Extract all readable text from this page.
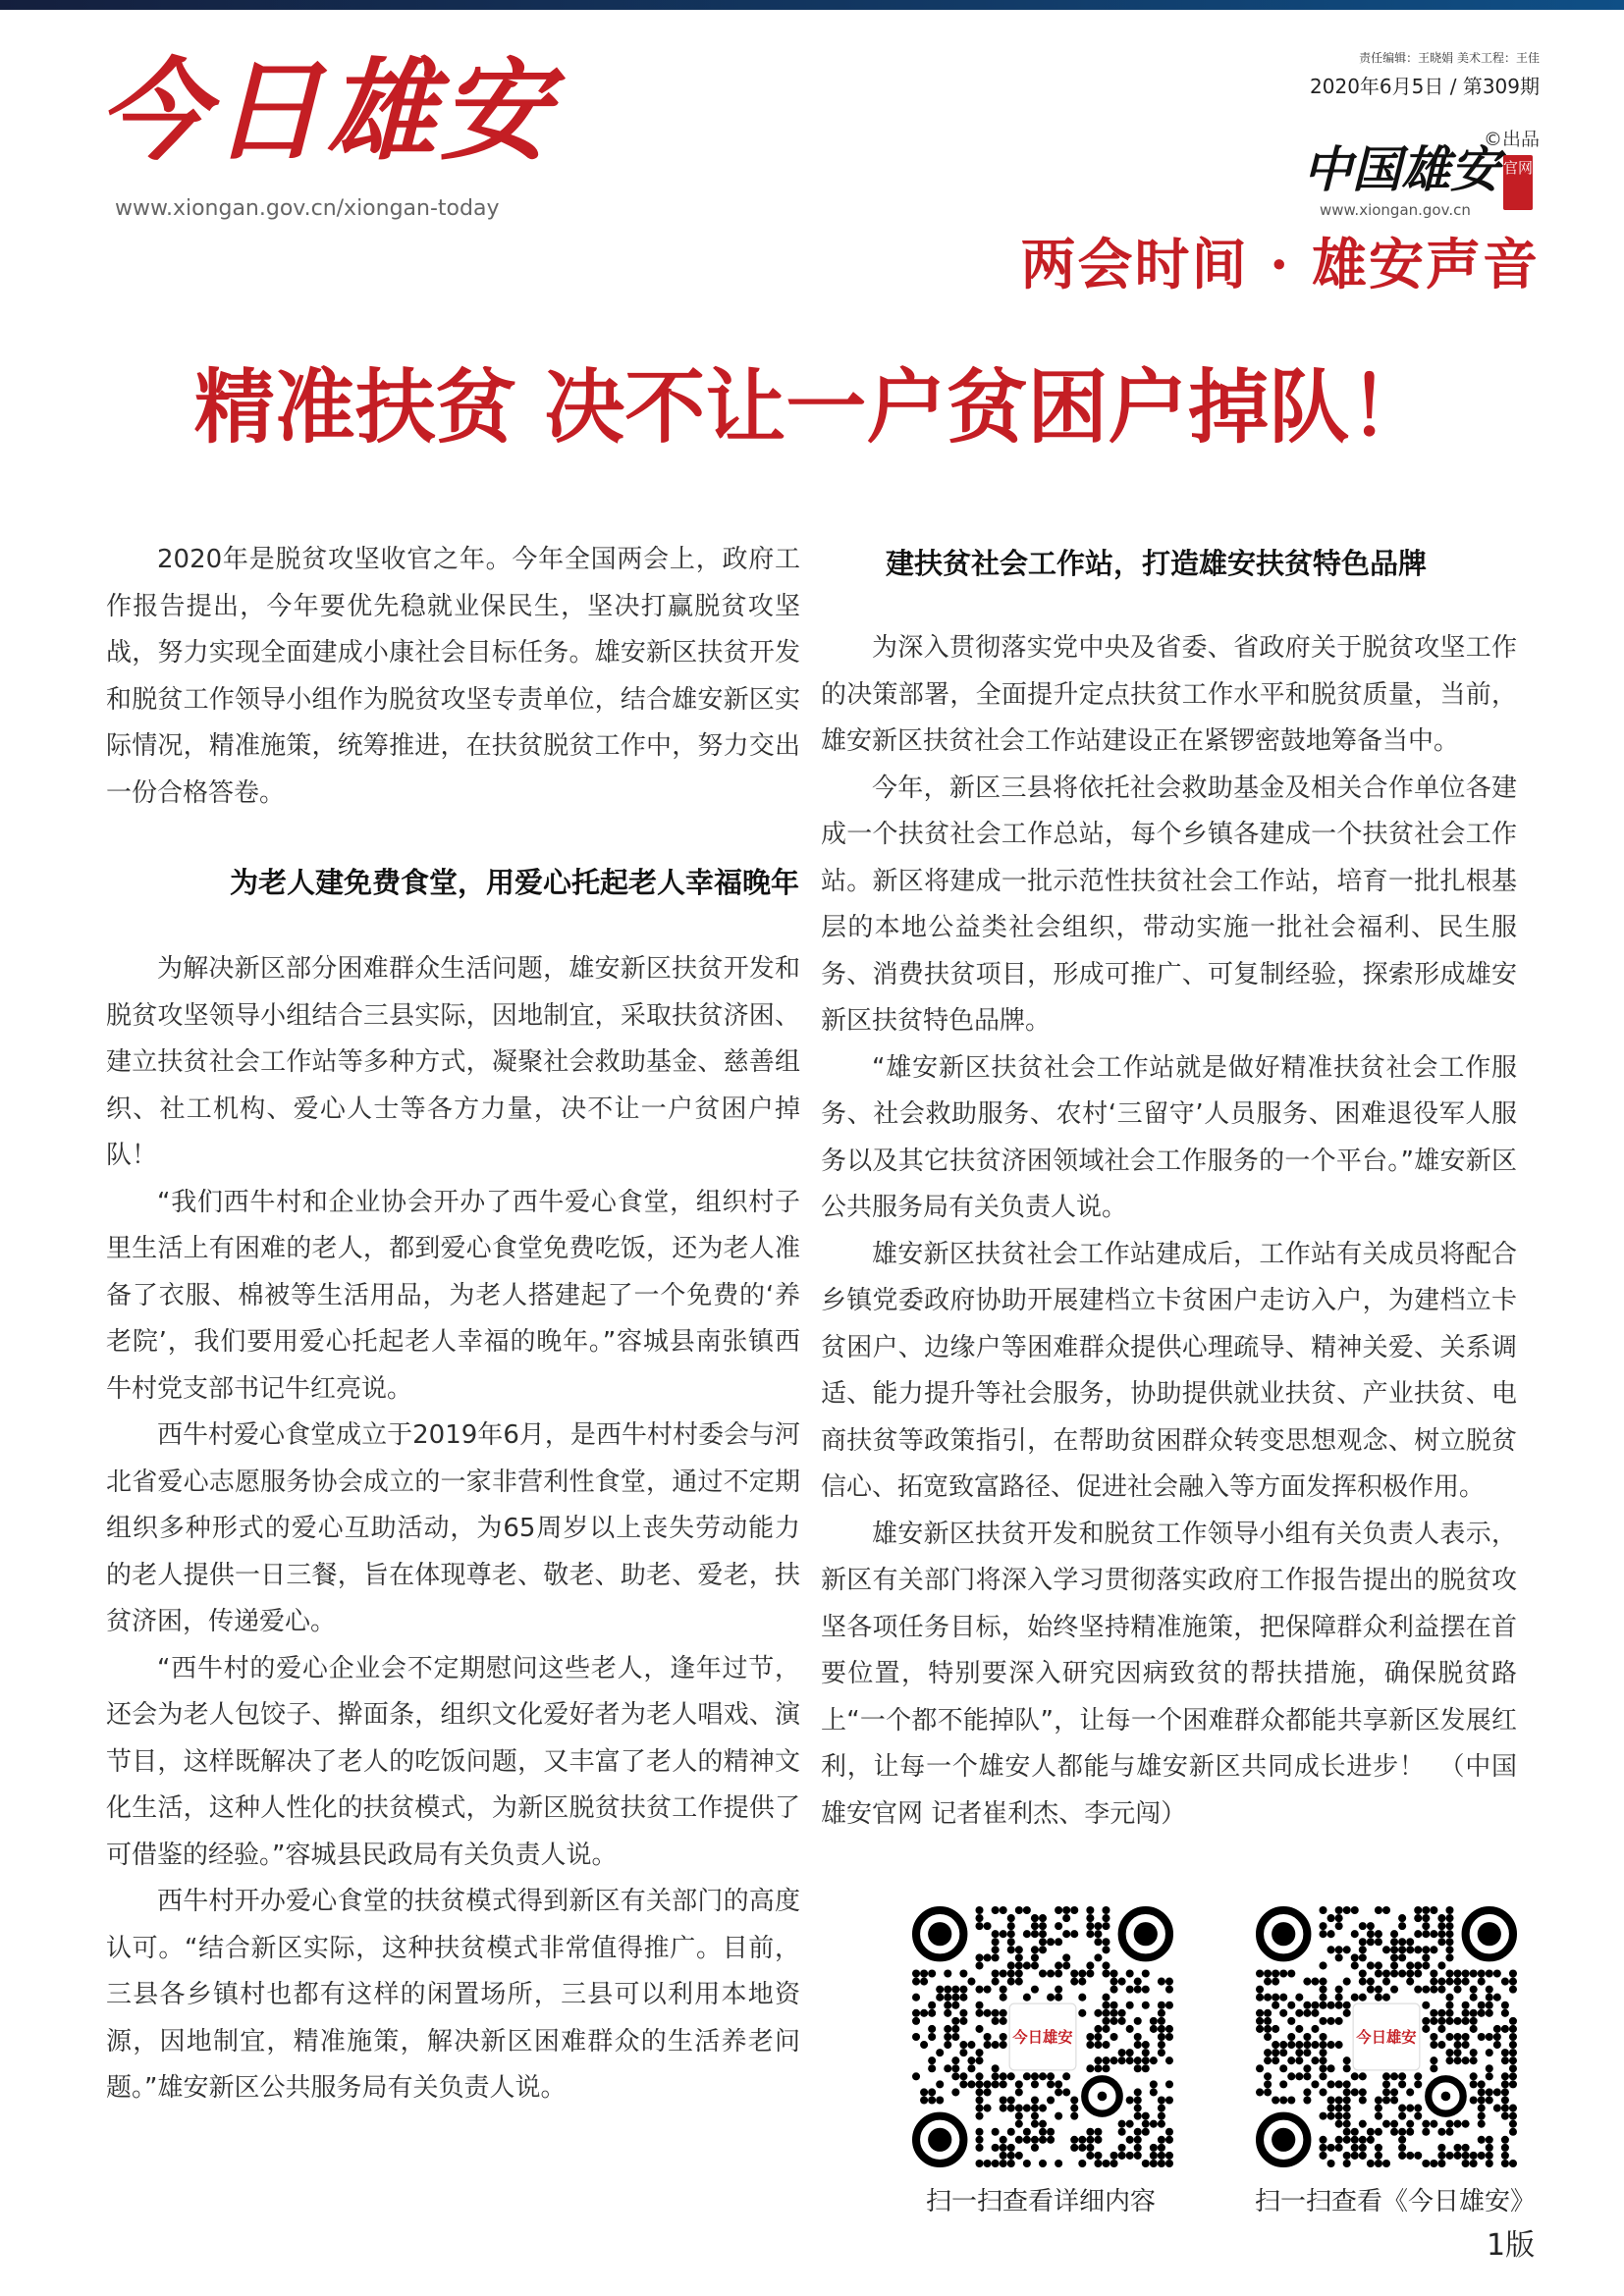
今日雄安
www.xiongan.gov.cn/xiongan-today
责任编辑：王晓娟 美术工程：王佳
2020年6月5日 / 第309期
©出品
中国雄安
www.xiongan.gov.cn
官网
两会时间 · 雄安声音
精准扶贫 决不让一户贫困户掉队！

2020年是脱贫攻坚收官之年。今年全国两会上，政府工作报告提出，今年要优先稳就业保民生，坚决打赢脱贫攻坚战，努力实现全面建成小康社会目标任务。雄安新区扶贫开发和脱贫工作领导小组作为脱贫攻坚专责单位，结合雄安新区实际情况，精准施策，统筹推进，在扶贫脱贫工作中，努力交出一份合格答卷。

为老人建免费食堂，用爱心托起老人幸福晚年

为解决新区部分困难群众生活问题，雄安新区扶贫开发和脱贫攻坚领导小组结合三县实际，因地制宜，采取扶贫济困、建立扶贫社会工作站等多种方式，凝聚社会救助基金、慈善组织、社工机构、爱心人士等各方力量，决不让一户贫困户掉队！

“我们西牛村和企业协会开办了西牛爱心食堂，组织村子里生活上有困难的老人，都到爱心食堂免费吃饭，还为老人准备了衣服、棉被等生活用品，为老人搭建起了一个免费的‘养老院’，我们要用爱心托起老人幸福的晚年。”容城县南张镇西牛村党支部书记牛红亮说。

西牛村爱心食堂成立于2019年6月，是西牛村村委会与河北省爱心志愿服务协会成立的一家非营利性食堂，通过不定期组织多种形式的爱心互助活动，为65周岁以上丧失劳动能力的老人提供一日三餐，旨在体现尊老、敬老、助老、爱老，扶贫济困，传递爱心。

“西牛村的爱心企业会不定期慰问这些老人，逢年过节，还会为老人包饺子、擀面条，组织文化爱好者为老人唱戏、演节目，这样既解决了老人的吃饭问题，又丰富了老人的精神文化生活，这种人性化的扶贫模式，为新区脱贫扶贫工作提供了可借鉴的经验。”容城县民政局有关负责人说。

西牛村开办爱心食堂的扶贫模式得到新区有关部门的高度认可。“结合新区实际，这种扶贫模式非常值得推广。目前，三县各乡镇村也都有这样的闲置场所，三县可以利用本地资源，因地制宜，精准施策，解决新区困难群众的生活养老问题。”雄安新区公共服务局有关负责人说。

建扶贫社会工作站，打造雄安扶贫特色品牌

为深入贯彻落实党中央及省委、省政府关于脱贫攻坚工作的决策部署，全面提升定点扶贫工作水平和脱贫质量，当前，雄安新区扶贫社会工作站建设正在紧锣密鼓地筹备当中。

今年，新区三县将依托社会救助基金及相关合作单位各建成一个扶贫社会工作总站，每个乡镇各建成一个扶贫社会工作站。新区将建成一批示范性扶贫社会工作站，培育一批扎根基层的本地公益类社会组织，带动实施一批社会福利、民生服务、消费扶贫项目，形成可推广、可复制经验，探索形成雄安新区扶贫特色品牌。

“雄安新区扶贫社会工作站就是做好精准扶贫社会工作服务、社会救助服务、农村‘三留守’人员服务、困难退役军人服务以及其它扶贫济困领域社会工作服务的一个平台。”雄安新区公共服务局有关负责人说。

雄安新区扶贫社会工作站建成后，工作站有关成员将配合乡镇党委政府协助开展建档立卡贫困户走访入户，为建档立卡贫困户、边缘户等困难群众提供心理疏导、精神关爱、关系调适、能力提升等社会服务，协助提供就业扶贫、产业扶贫、电商扶贫等政策指引，在帮助贫困群众转变思想观念、树立脱贫信心、拓宽致富路径、促进社会融入等方面发挥积极作用。

雄安新区扶贫开发和脱贫工作领导小组有关负责人表示，新区有关部门将深入学习贯彻落实政府工作报告提出的脱贫攻坚各项任务目标，始终坚持精准施策，把保障群众利益摆在首要位置，特别要深入研究因病致贫的帮扶措施，确保脱贫路上“一个都不能掉队”，让每一个困难群众都能共享新区发展红利，让每一个雄安人都能与雄安新区共同成长进步！　（中国雄安官网 记者崔利杰、李元闯）

今日雄安	今日雄安
扫一扫查看详细内容	扫一扫查看《今日雄安》
1版
